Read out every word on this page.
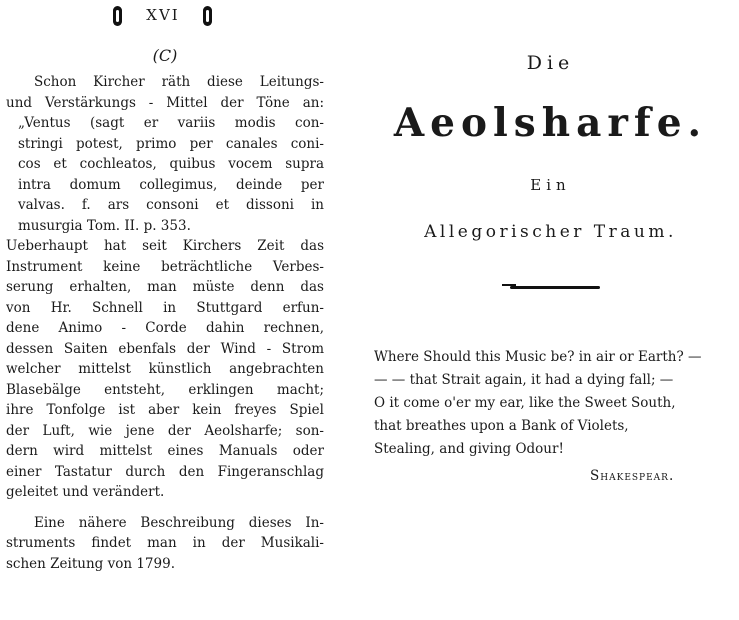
XVI
(C)
Schon Kircher räth diese Leitungs-
und Verstärkungs - Mittel der Töne an:
„Ventus (sagt er variis modis con-
stringi potest, primo per canales coni-
cos et cochleatos, quibus vocem supra
intra domum collegimus, deinde per
valvas. f. ars consoni et dissoni in
musurgia Tom. II. p. 353.
Ueberhaupt hat seit Kirchers Zeit das
Instrument keine beträchtliche Verbes-
serung erhalten, man müste denn das
von Hr. Schnell in Stuttgard erfun-
dene Animo - Corde dahin rechnen,
dessen Saiten ebenfals der Wind - Strom
welcher mittelst künstlich angebrachten
Blasebälge entsteht, erklingen macht;
ihre Tonfolge ist aber kein freyes Spiel
der Luft, wie jene der Aeolsharfe; son-
dern wird mittelst eines Manuals oder
einer Tastatur durch den Fingeranschlag
geleitet und verändert.
Eine nähere Beschreibung dieses In-
struments findet man in der Musikali-
schen Zeitung von 1799.
Die
Aeolsharfe.
Ein
Allegorischer Traum.
Where Should this Music be? in air or Earth? —
— — that Strait again, it had a dying fall; —
O it come o'er my ear, like the Sweet South,
that breathes upon a Bank of Violets,
Stealing, and giving Odour!
Shakespear.
